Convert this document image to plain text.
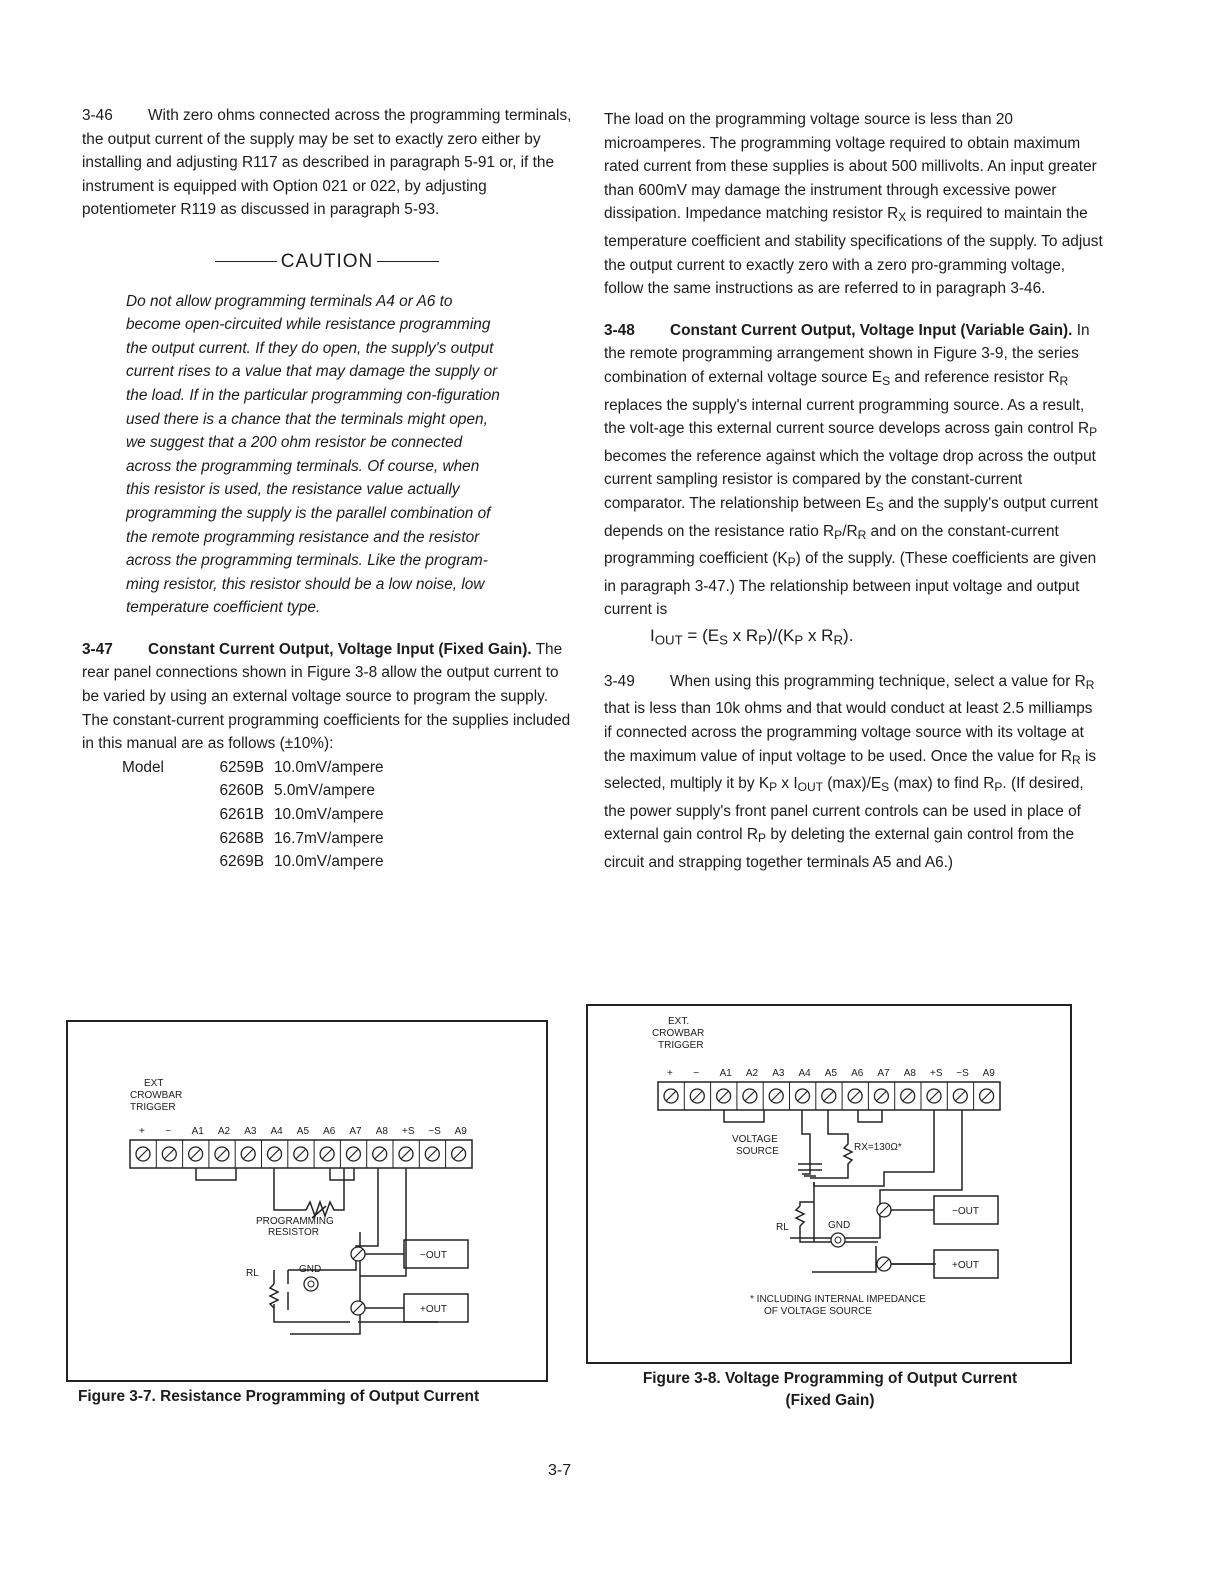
3-46 With zero ohms connected across the programming terminals, the output current of the supply may be set to exactly zero either by installing and adjusting R117 as described in paragraph 5-91 or, if the instrument is equipped with Option 021 or 022, by adjusting potentiometer R119 as discussed in paragraph 5-93.

CAUTION

Do not allow programming terminals A4 or A6 to become open-circuited while resistance programming the output current. If they do open, the supply's output current rises to a value that may damage the supply or the load. If in the particular programming con-figuration used there is a chance that the terminals might open, we suggest that a 200 ohm resistor be connected across the programming terminals. Of course, when this resistor is used, the resistance value actually programming the supply is the parallel combination of the remote programming resistance and the resistor across the programming terminals. Like the program-ming resistor, this resistor should be a low noise, low temperature coefficient type.

3-47 Constant Current Output, Voltage Input (Fixed Gain). The rear panel connections shown in Figure 3-8 allow the output current to be varied by using an external voltage source to program the supply. The constant-current programming coefficients for the supplies included in this manual are as follows (±10%):

Model	6259B	10.0mV/ampere
	6260B	5.0mV/ampere
	6261B	10.0mV/ampere
	6268B	16.7mV/ampere
	6269B	10.0mV/ampere

The load on the programming voltage source is less than 20 microamperes. The programming voltage required to obtain maximum rated current from these supplies is about 500 millivolts. An input greater than 600mV may damage the instrument through excessive power dissipation. Impedance matching resistor $R_X$ is required to maintain the temperature coefficient and stability specifications of the supply. To adjust the output current to exactly zero with a zero pro-gramming voltage, follow the same instructions as are referred to in paragraph 3-46.

3-48 Constant Current Output, Voltage Input (Variable Gain). In the remote programming arrangement shown in Figure 3-9, the series combination of external voltage source $E_S$ and reference resistor $R_R$ replaces the supply's internal current programming source. As a result, the volt-age this external current source develops across gain control $R_P$ becomes the reference against which the voltage drop across the output current sampling resistor is compared by the constant-current comparator. The relationship between $E_S$ and the supply's output current depends on the resistance ratio $R_P/R_R$ and on the constant-current programming coefficient $(K_P)$ of the supply. (These coefficients are given in paragraph 3-47.) The relationship between input voltage and output current is

$I_{OUT} = (E_S$ x $R_P)/(K_P$ x $R_R$).

3-49 When using this programming technique, select a value for $R_R$ that is less than 10k ohms and that would conduct at least 2.5 milliamps if connected across the programming voltage source with its voltage at the maximum value of input voltage to be used. Once the value for $R_R$ is selected, multiply it by $K_P$ x $I_{OUT}$ $(\max)/E_S$ (max) to find $R_P$. (If desired, the power supply's front panel current controls can be used in place of external gain control $R_P$ by deleting the external gain control from the circuit and strapping together terminals A5 and A6.)

EXT
CROWBAR
TRIGGER
+ − A1 A2 A3 A4 A5 A6 A7 A8 +S −S A9
PROGRAMMING
RESISTOR
RL	GND
−OUT
+OUT
Figure 3-7. Resistance Programming of Output Current
EXT.
CROWBAR
TRIGGER
+ − A1 A2 A3 A4 A5 A6 A7 A8 +S −S A9
VOLTAGE
SOURCE	RX=130Ω*
RL	GND
−OUT
+OUT
* INCLUDING INTERNAL IMPEDANCE
OF VOLTAGE SOURCE
Figure 3-8. Voltage Programming of Output Current
(Fixed Gain)
3-7
